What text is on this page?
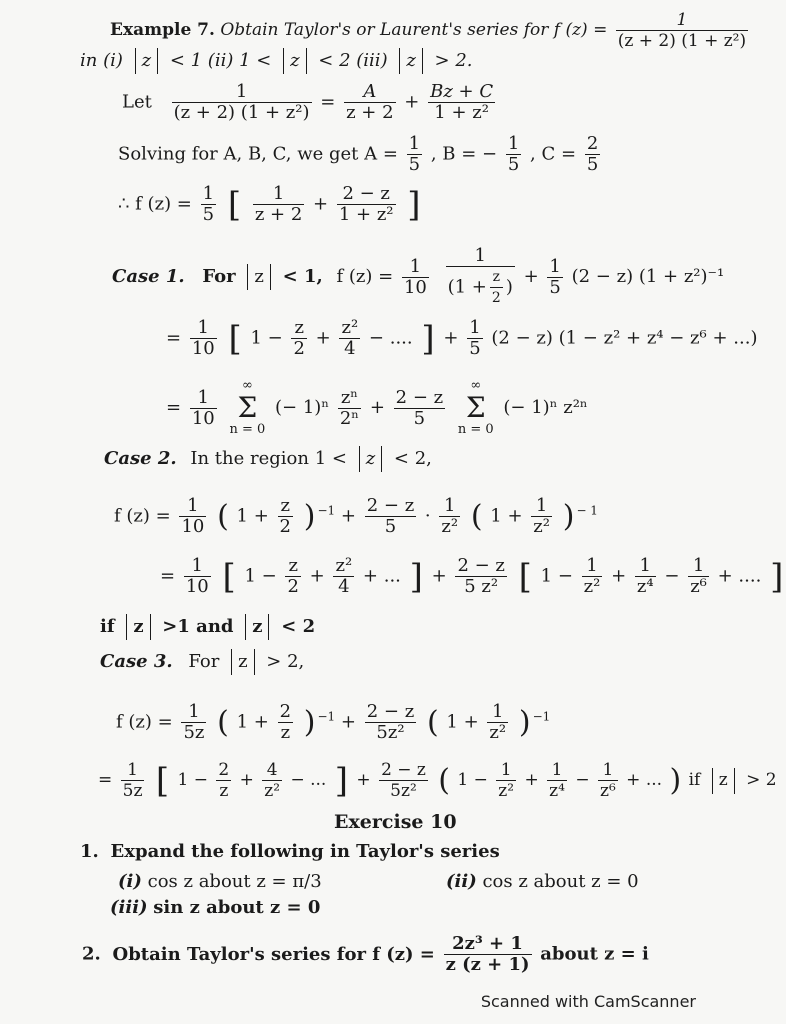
Example 7. Obtain Taylor's or Laurent's series for f $(z) = \frac{1}{\text{(z + 2) (1 + z²)}}$
in (i) z < 1 (ii) 1 < z < 2 (iii) z > 2.
Let $\frac{1}{\text{(z + 2) (1 + z²)}} = \frac{A}{z + 2} + \frac{Bz + C}{\text{1 + z²}}$
Solving for A, B, C, we get $A = \frac{1}{5}$ , B = − $\frac{1}{5}$ , $C = \frac{2}{5}$
∴ f $(z) = \frac{1}{5}$ [ $\frac{1}{z + 2} + \frac{2 - z}{\text{1 + z²}}$ ]
Case 1. For z < 1, f $(z) = \frac{1}{10}$
$\frac{1}{(1 + \frac{z}{2} )} + \frac{1}{5} (2 - z) (1 + z^2)^{-1}$
= $\frac{1}{10}$ [ $1 - \frac{z}{2} + \frac{\text{z²}}{4}$ − .... ] + $\frac{1}{5} (2 - z) (1 - z^2 + z^4 - z^6$ + ...)
= $\frac{1}{10}$

∞
Σ
n = 0
(− $1)^n \frac{\text{zⁿ}}{\text{2ⁿ}} + \frac{2 - z}{5}$

∞
Σ
n = 0
(− 1)ⁿ z²ⁿ
Case 2. In the region 1 < z < 2,
f $(z) = \frac{1}{10}$ ( $1 + \frac{z}{2}$ ) $^{-1} + \frac{2 - z}{5} \cdot \frac{1}{\text{z²}}$ ( $1 + \frac{1}{\text{z²}}$ ) $^{- 1}$
= $\frac{1}{10}$ [ $1 - \frac{z}{2} + \frac{\text{z²}}{4}$ + ... ] + $\frac{2 - z}{\text{5 z²}}$ [ $1 - \frac{1}{\text{z²}} + \frac{1}{\text{z⁴}} - \frac{1}{\text{z⁶}}$ + .... ]
if z >1 and z < 2
Case 3. For z > 2,
f $(z) = \frac{1}{5z}$ ( $1 + \frac{2}{z}$ ) $^{-1} + \frac{2 - z}{\text{5z²}}$ ( $1 + \frac{1}{\text{z²}}$ ) $^{-1}$
= $\frac{1}{5z}$ [ $1 - \frac{2}{z} + \frac{4}{\text{z²}}$ − ... ] + $\frac{2 - z}{\text{5z²}}$ ( $1 - \frac{1}{\text{z²}} + \frac{1}{\text{z⁴}} - \frac{1}{\text{z⁶}}$ + ... ) if z > 2
Exercise 10
1. Expand the following in Taylor's series
(i) cos z about z = π/3	(ii) cos z about z = 0
(iii) sin z about z = 0
2. Obtain Taylor's series for f $(z) = \frac{\text{2z³ + 1}}{z (z + 1)}$ about z = i
Scanned with CamScanner
